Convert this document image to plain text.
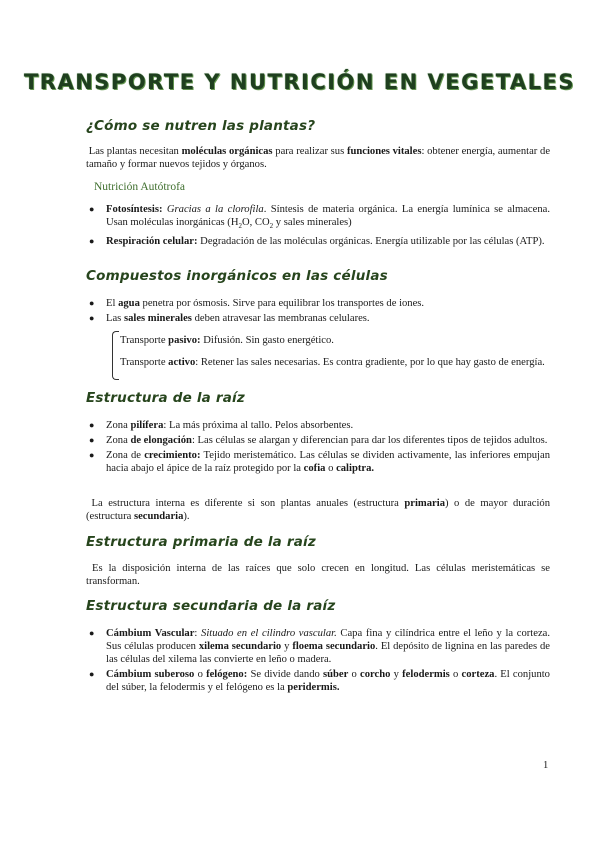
TRANSPORTE Y NUTRICIÓN EN VEGETALES
¿Cómo se nutren las plantas?
Las plantas necesitan moléculas orgánicas para realizar sus funciones vitales: obtener energía, aumentar de tamaño y formar nuevos tejidos y órganos.
Nutrición Autótrofa
● Fotosíntesis: Gracias a la clorofila. Síntesis de materia orgánica. La energía lumínica se almacena. Usan moléculas inorgánicas ($H_2O$, $CO_2$ y sales minerales)
● Respiración celular: Degradación de las moléculas orgánicas. Energía utilizable por las células (ATP).
Compuestos inorgánicos en las células
● El agua penetra por ósmosis. Sirve para equilibrar los transportes de iones.
● Las sales minerales deben atravesar las membranas celulares.
Transporte pasivo: Difusión. Sin gasto energético.
Transporte activo: Retener las sales necesarias. Es contra gradiente, por lo que hay gasto de energía.
Estructura de la raíz
● Zona pilífera: La más próxima al tallo. Pelos absorbentes.
● Zona de elongación: Las células se alargan y diferencian para dar los diferentes tipos de tejidos adultos.
● Zona de crecimiento: Tejido meristemático. Las células se dividen activamente, las inferiores empujan hacia abajo el ápice de la raíz protegido por la cofia o caliptra.
La estructura interna es diferente si son plantas anuales (estructura primaria) o de mayor duración (estructura secundaria).
Estructura primaria de la raíz
Es la disposición interna de las raíces que solo crecen en longitud. Las células meristemáticas se transforman.
Estructura secundaria de la raíz
● Cámbium Vascular: Situado en el cilindro vascular. Capa fina y cilíndrica entre el leño y la corteza. Sus células producen xilema secundario y floema secundario. El depósito de lignina en las paredes de las células del xilema las convierte en leño o madera.
● Cámbium suberoso o felógeno: Se divide dando súber o corcho y felodermis o corteza. El conjunto del súber, la felodermis y el felógeno es la peridermis.
1
